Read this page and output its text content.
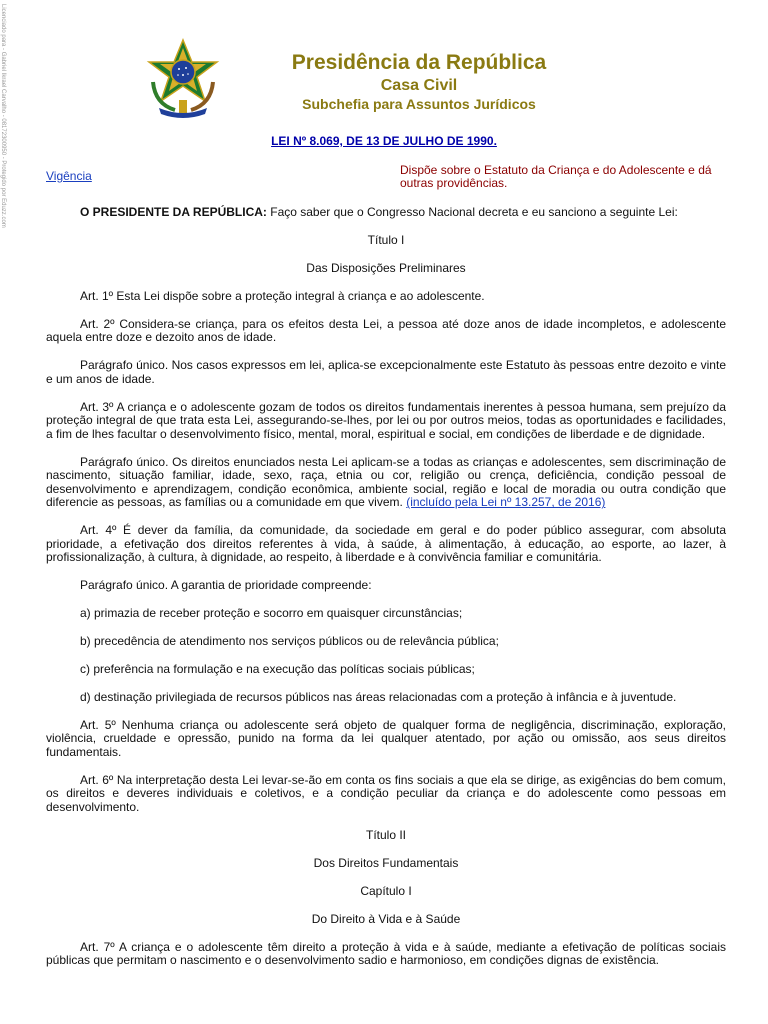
Licenciado para - Gabriel Ikrael Carvalho - 08172300950 - Protegido por Eduzz.com	Presidência da República

Casa Civil

Subchefia para Assuntos Jurídicos

LEI Nº 8.069, DE 13 DE JULHO DE 1990.

Vigência	Dispõe sobre o Estatuto da Criança e do Adolescente e dá outras providências.

O PRESIDENTE DA REPÚBLICA: Faço saber que o Congresso Nacional decreta e eu sanciono a seguinte Lei:

Título I

Das Disposições Preliminares

Art. 1º Esta Lei dispõe sobre a proteção integral à criança e ao adolescente.

Art. 2º Considera-se criança, para os efeitos desta Lei, a pessoa até doze anos de idade incompletos, e adolescente aquela entre doze e dezoito anos de idade.

Parágrafo único. Nos casos expressos em lei, aplica-se excepcionalmente este Estatuto às pessoas entre dezoito e vinte e um anos de idade.

Art. 3º A criança e o adolescente gozam de todos os direitos fundamentais inerentes à pessoa humana, sem prejuízo da proteção integral de que trata esta Lei, assegurando-se-lhes, por lei ou por outros meios, todas as oportunidades e facilidades, a fim de lhes facultar o desenvolvimento físico, mental, moral, espiritual e social, em condições de liberdade e de dignidade.

Parágrafo único. Os direitos enunciados nesta Lei aplicam-se a todas as crianças e adolescentes, sem discriminação de nascimento, situação familiar, idade, sexo, raça, etnia ou cor, religião ou crença, deficiência, condição pessoal de desenvolvimento e aprendizagem, condição econômica, ambiente social, região e local de moradia ou outra condição que diferencie as pessoas, as famílias ou a comunidade em que vivem. (incluído pela Lei nº 13.257, de 2016)

Art. 4º É dever da família, da comunidade, da sociedade em geral e do poder público assegurar, com absoluta prioridade, a efetivação dos direitos referentes à vida, à saúde, à alimentação, à educação, ao esporte, ao lazer, à profissionalização, à cultura, à dignidade, ao respeito, à liberdade e à convivência familiar e comunitária.

Parágrafo único. A garantia de prioridade compreende:

a) primazia de receber proteção e socorro em quaisquer circunstâncias;

b) precedência de atendimento nos serviços públicos ou de relevância pública;

c) preferência na formulação e na execução das políticas sociais públicas;

d) destinação privilegiada de recursos públicos nas áreas relacionadas com a proteção à infância e à juventude.

Art. 5º Nenhuma criança ou adolescente será objeto de qualquer forma de negligência, discriminação, exploração, violência, crueldade e opressão, punido na forma da lei qualquer atentado, por ação ou omissão, aos seus direitos fundamentais.

Art. 6º Na interpretação desta Lei levar-se-ão em conta os fins sociais a que ela se dirige, as exigências do bem comum, os direitos e deveres individuais e coletivos, e a condição peculiar da criança e do adolescente como pessoas em desenvolvimento.

Título II

Dos Direitos Fundamentais

Capítulo I

Do Direito à Vida e à Saúde

Art. 7º A criança e o adolescente têm direito a proteção à vida e à saúde, mediante a efetivação de políticas sociais públicas que permitam o nascimento e o desenvolvimento sadio e harmonioso, em condições dignas de existência.
